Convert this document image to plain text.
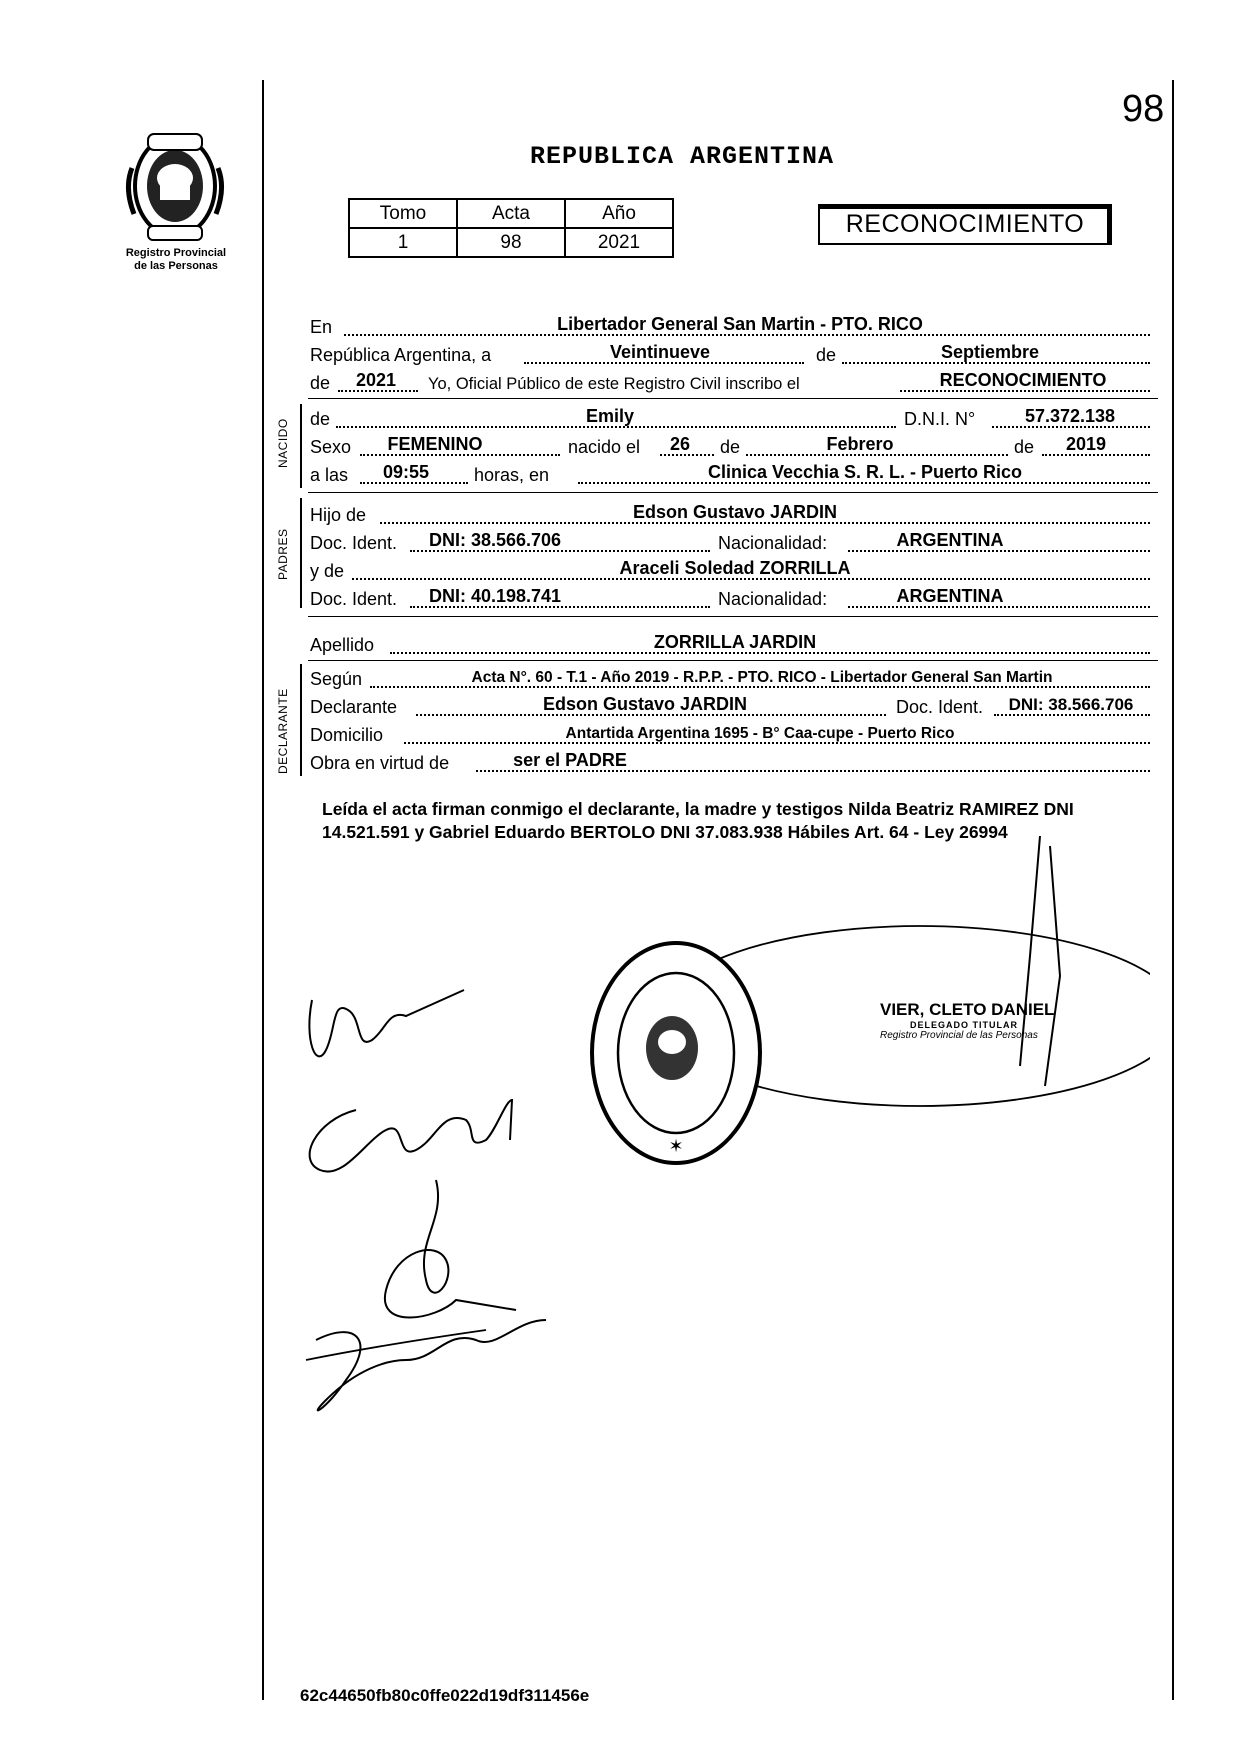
Registro Provincial
de las Personas
98
REPUBLICA ARGENTINA
Tomo	Acta	Año
1	98	2021
RECONOCIMIENTO
En	Libertador General San Martin - PTO. RICO
República Argentina, a	Veintinueve	de	Septiembre
de	2021	Yo, Oficial Público de este Registro Civil inscribo el	RECONOCIMIENTO
NACIDO de	Emily	D.N.I. N°	57.372.138
Sexo	FEMENINO	nacido el	26	de	Febrero	de	2019
a las	09:55	horas, en	Clinica Vecchia S. R. L. - Puerto Rico
PADRES
Hijo de	Edson Gustavo JARDIN
Doc. Ident.	DNI: 38.566.706	Nacionalidad:	ARGENTINA
y de	Araceli Soledad ZORRILLA
Doc. Ident.	DNI: 40.198.741	Nacionalidad:	ARGENTINA
Apellido	ZORRILLA JARDIN
DECLARANTE
Según	Acta N°. 60 - T.1 - Año 2019 - R.P.P. - PTO. RICO - Libertador General San Martin
Declarante	Edson Gustavo JARDIN	Doc. Ident.	DNI: 38.566.706
Domicilio	Antartida Argentina 1695 - B° Caa-cupe - Puerto Rico
Obra en virtud de	ser el PADRE
Leída el acta firman conmigo el declarante, la madre y testigos Nilda Beatriz RAMIREZ DNI 14.521.591 y Gabriel Eduardo BERTOLO DNI 37.083.938 Hábiles Art. 64 - Ley 26994
✶
VIER, CLETO DANIEL
DELEGADO TITULAR
Registro Provincial de las Personas
62c44650fb80c0ffe022d19df311456e
